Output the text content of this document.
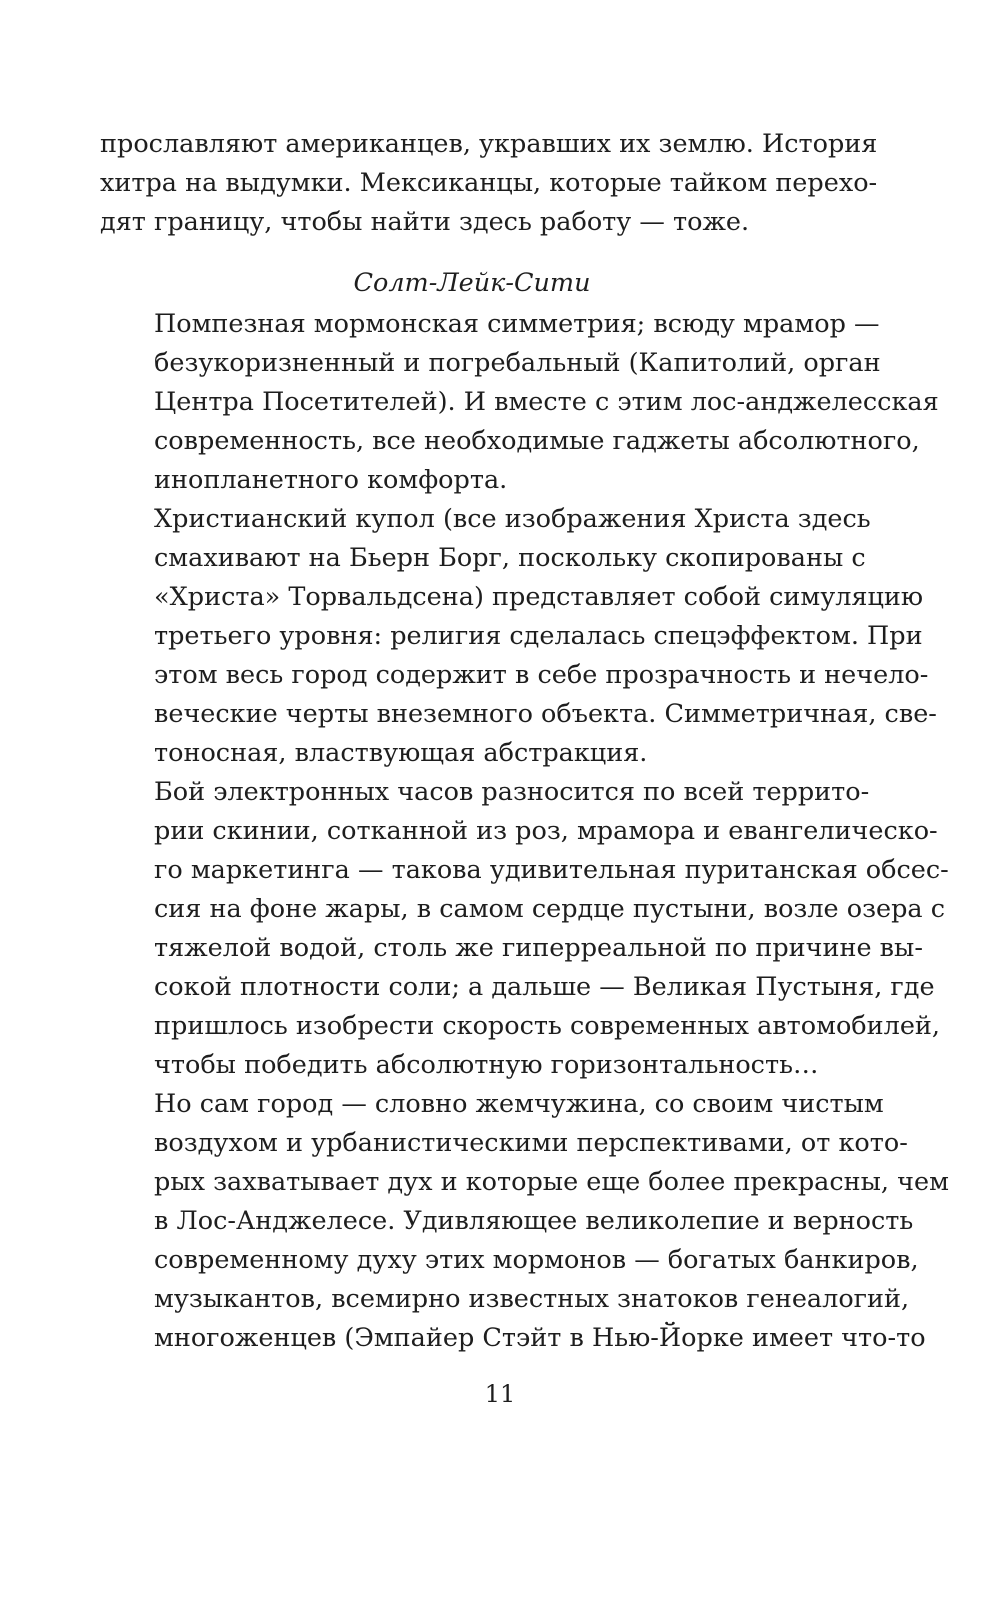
прославляют американцев, укравших их землю. История
хитра на выдумки. Мексиканцы, которые тайком перехо-
дят границу, чтобы найти здесь работу — тоже.

Солт-Лейк-Сити

Помпезная мормонская симметрия; всюду мрамор —
безукоризненный и погребальный (Капитолий, орган
Центра Посетителей). И вместе с этим лос-анджелесская
современность, все необходимые гаджеты абсолютного,
инопланетного комфорта.

Христианский купол (все изображения Христа здесь
смахивают на Бьерн Борг, поскольку скопированы с
«Христа» Торвальдсена) представляет собой симуляцию
третьего уровня: религия сделалась спецэффектом. При
этом весь город содержит в себе прозрачность и нечело-
веческие черты внеземного объекта. Симметричная, све-
тоносная, властвующая абстракция.

Бой электронных часов разносится по всей террито-
рии скинии, сотканной из роз, мрамора и евангелическо-
го маркетинга — такова удивительная пуританская обсес-
сия на фоне жары, в самом сердце пустыни, возле озера с
тяжелой водой, столь же гиперреальной по причине вы-
сокой плотности соли; а дальше — Великая Пустыня, где
пришлось изобрести скорость современных автомобилей,
чтобы победить абсолютную горизонтальность…

Но сам город — словно жемчужина, со своим чистым
воздухом и урбанистическими перспективами, от кото-
рых захватывает дух и которые еще более прекрасны, чем
в Лос-Анджелесе. Удивляющее великолепие и верность
современному духу этих мормонов — богатых банкиров,
музыкантов, всемирно известных знатоков генеалогий,
многоженцев (Эмпайер Стэйт в Нью-Йорке имеет что-то

11
